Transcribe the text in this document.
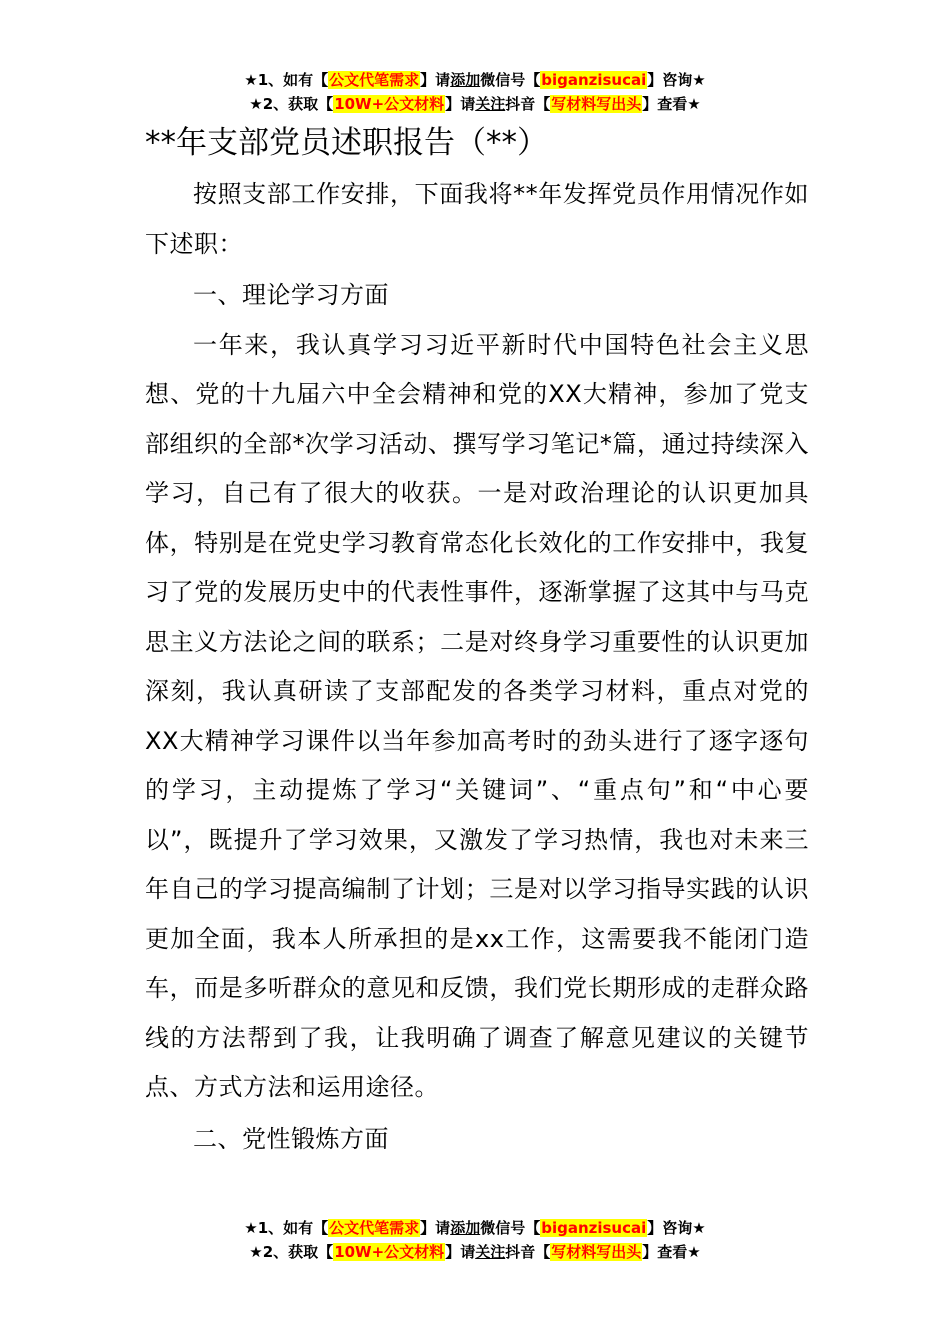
★1、如有【公文代笔需求】请添加微信号【biganzisucai】咨询★
★2、获取【10W+公文材料】请关注抖音【写材料写出头】查看★
**年支部党员述职报告（**）

按照支部工作安排，下面我将**年发挥党员作用情况作如下述职：

一、理论学习方面

一年来，我认真学习习近平新时代中国特色社会主义思想、党的十九届六中全会精神和党的XX大精神，参加了党支部组织的全部*次学习活动、撰写学习笔记*篇，通过持续深入学习，自己有了很大的收获。一是对政治理论的认识更加具体，特别是在党史学习教育常态化长效化的工作安排中，我复习了党的发展历史中的代表性事件，逐渐掌握了这其中与马克思主义方法论之间的联系；二是对终身学习重要性的认识更加深刻，我认真研读了支部配发的各类学习材料，重点对党的XX大精神学习课件以当年参加高考时的劲头进行了逐字逐句的学习，主动提炼了学习“关键词”、“重点句”和“中心要以”，既提升了学习效果，又激发了学习热情，我也对未来三年自己的学习提高编制了计划；三是对以学习指导实践的认识更加全面，我本人所承担的是xx工作，这需要我不能闭门造车，而是多听群众的意见和反馈，我们党长期形成的走群众路线的方法帮到了我，让我明确了调查了解意见建议的关键节点、方式方法和运用途径。

二、党性锻炼方面

★1、如有【公文代笔需求】请添加微信号【biganzisucai】咨询★
★2、获取【10W+公文材料】请关注抖音【写材料写出头】查看★
